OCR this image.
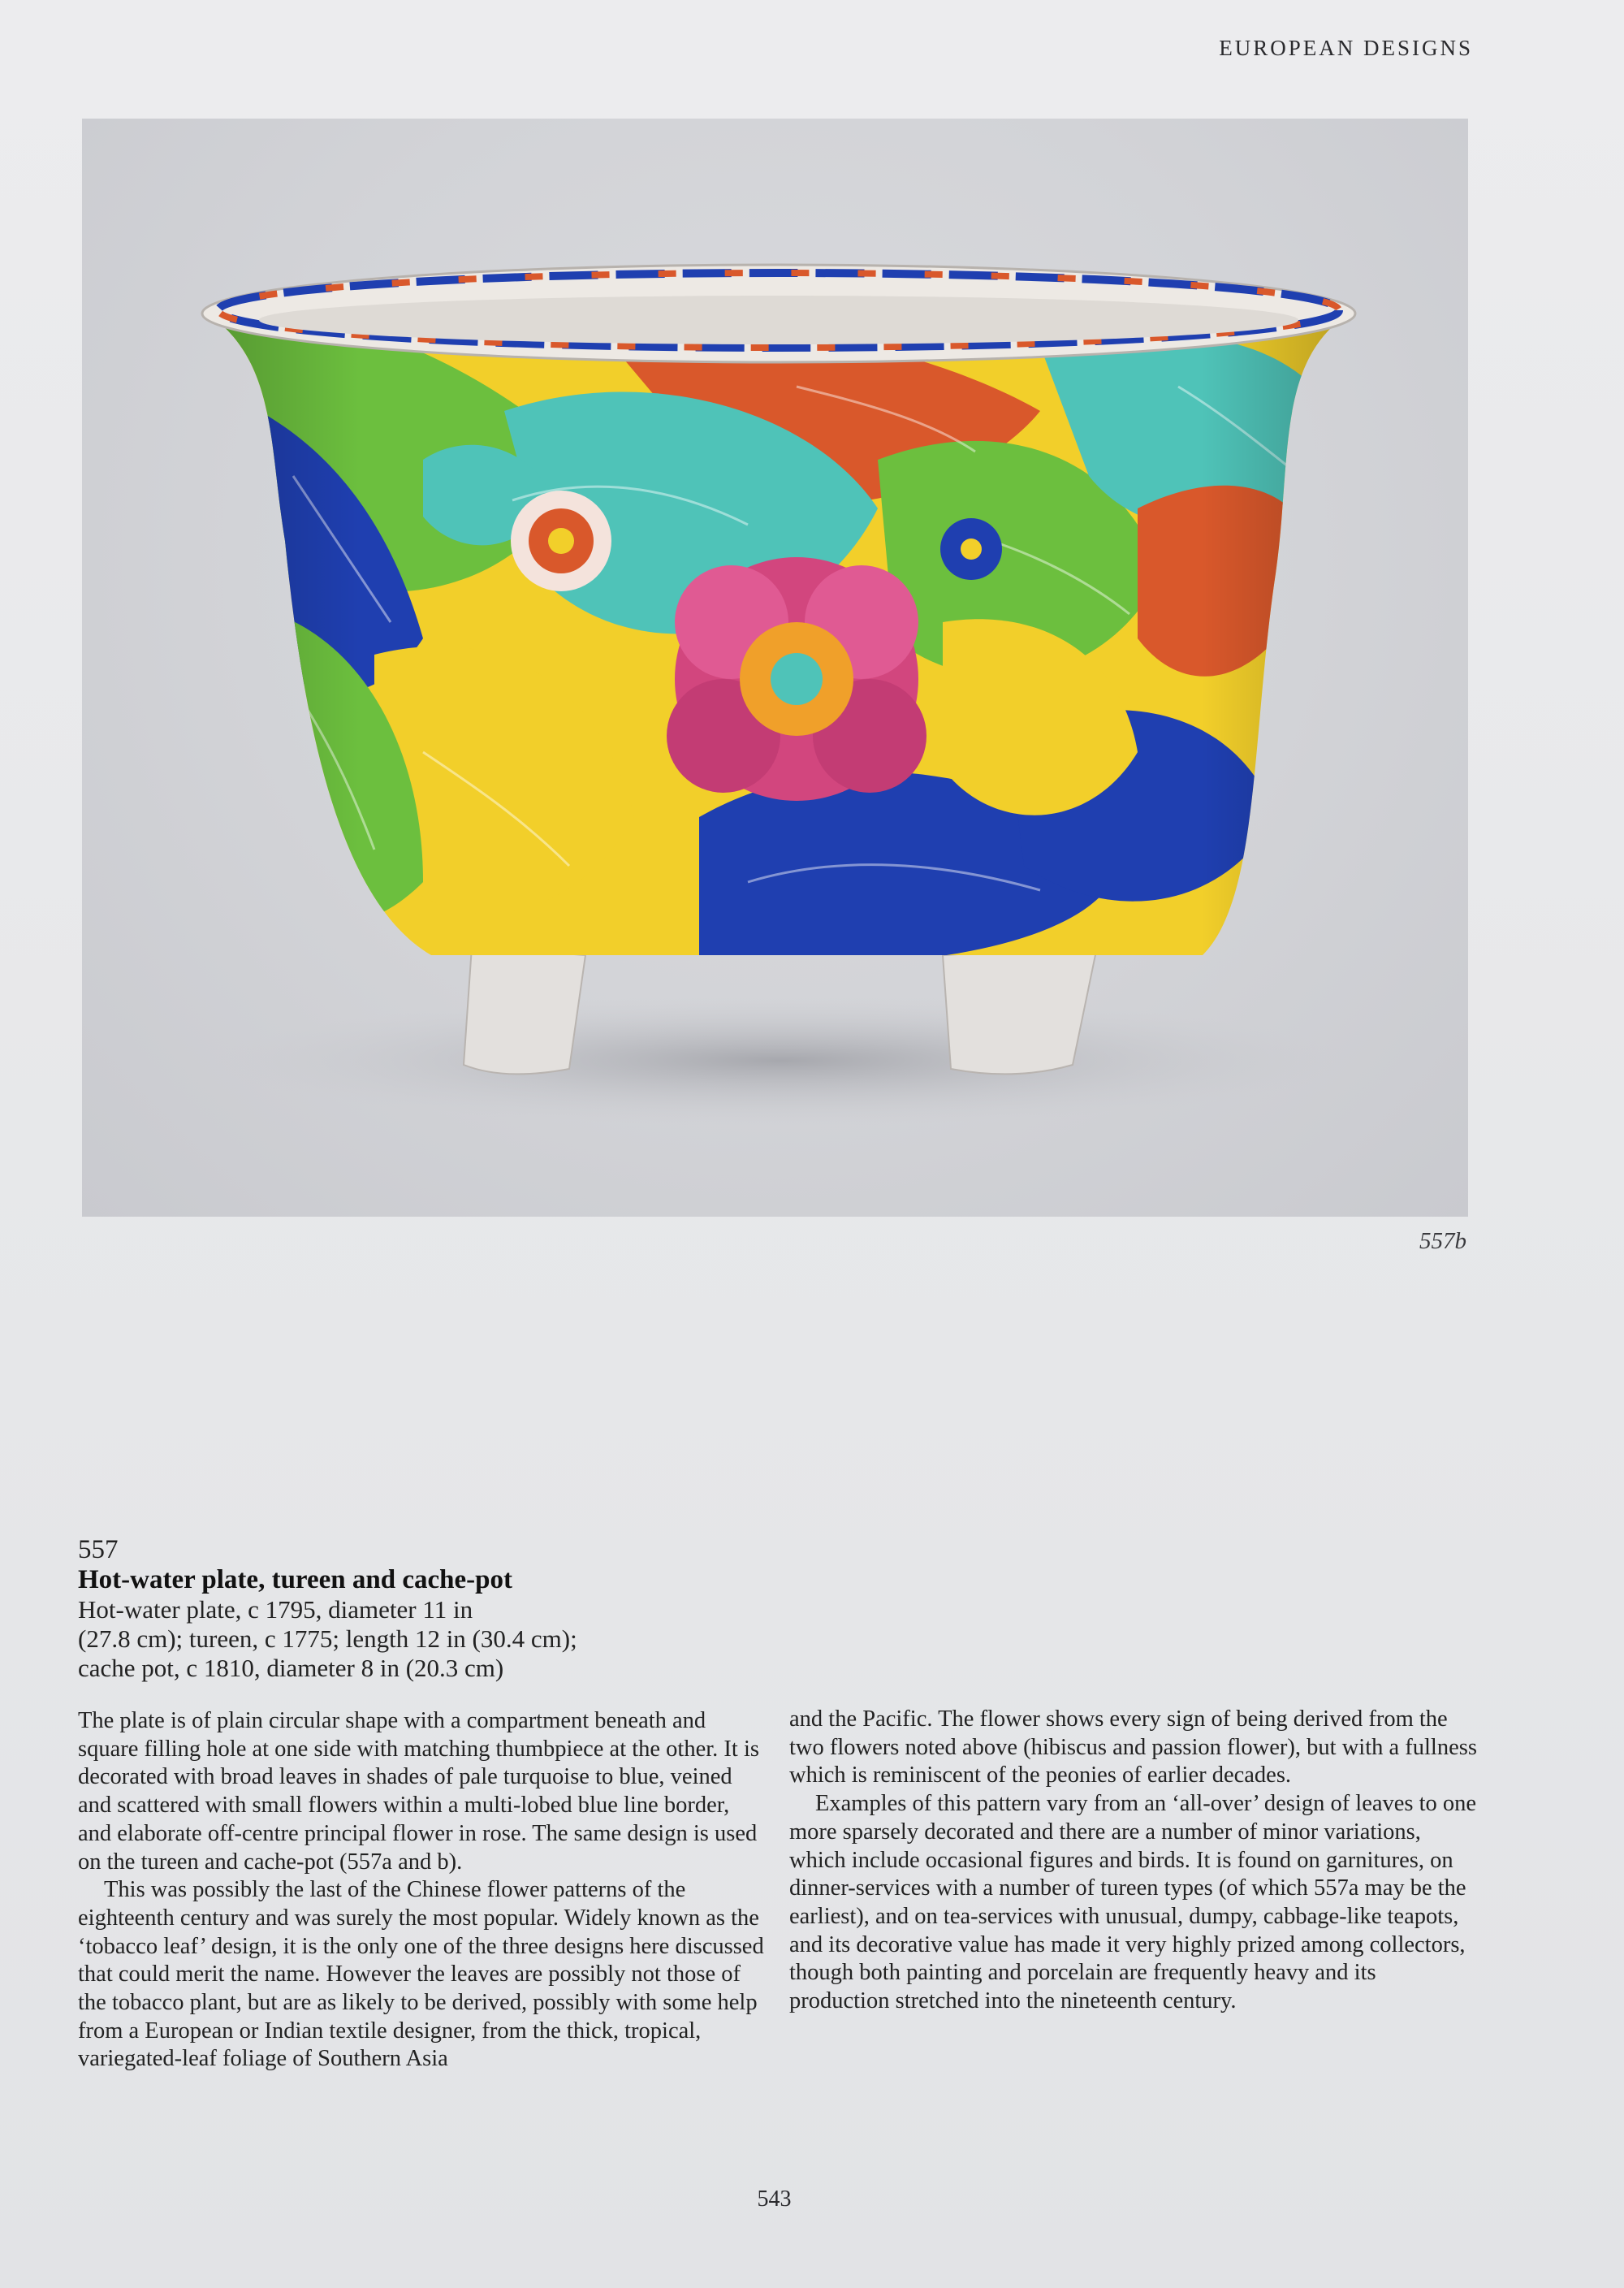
EUROPEAN DESIGNS
557b
557
Hot-water plate, tureen and cache-pot

Hot-water plate, c 1795, diameter 11 in

(27.8 cm); tureen, c 1775; length 12 in (30.4 cm);

cache pot, c 1810, diameter 8 in (20.3 cm)

The plate is of plain circular shape with a compartment beneath and square filling hole at one side with matching thumbpiece at the other. It is decorated with broad leaves in shades of pale turquoise to blue, veined and scattered with small flowers within a multi-lobed blue line border, and elaborate off-centre principal flower in rose. The same design is used on the tureen and cache-pot (557a and b).

This was possibly the last of the Chinese flower patterns of the eighteenth century and was surely the most popular. Widely known as the ‘tobacco leaf’ design, it is the only one of the three designs here discussed that could merit the name. However the leaves are possibly not those of the tobacco plant, but are as likely to be derived, possibly with some help from a European or Indian textile designer, from the thick, tropical, variegated-leaf foliage of Southern Asia

and the Pacific. The flower shows every sign of being derived from the two flowers noted above (hibiscus and passion flower), but with a fullness which is reminiscent of the peonies of earlier decades.

Examples of this pattern vary from an ‘all-over’ design of leaves to one more sparsely decorated and there are a number of minor variations, which include occasional figures and birds. It is found on garnitures, on dinner-services with a number of tureen types (of which 557a may be the earliest), and on tea-services with unusual, dumpy, cabbage-like teapots, and its decorative value has made it very highly prized among collectors, though both painting and porcelain are frequently heavy and its production stretched into the nineteenth century.

543
